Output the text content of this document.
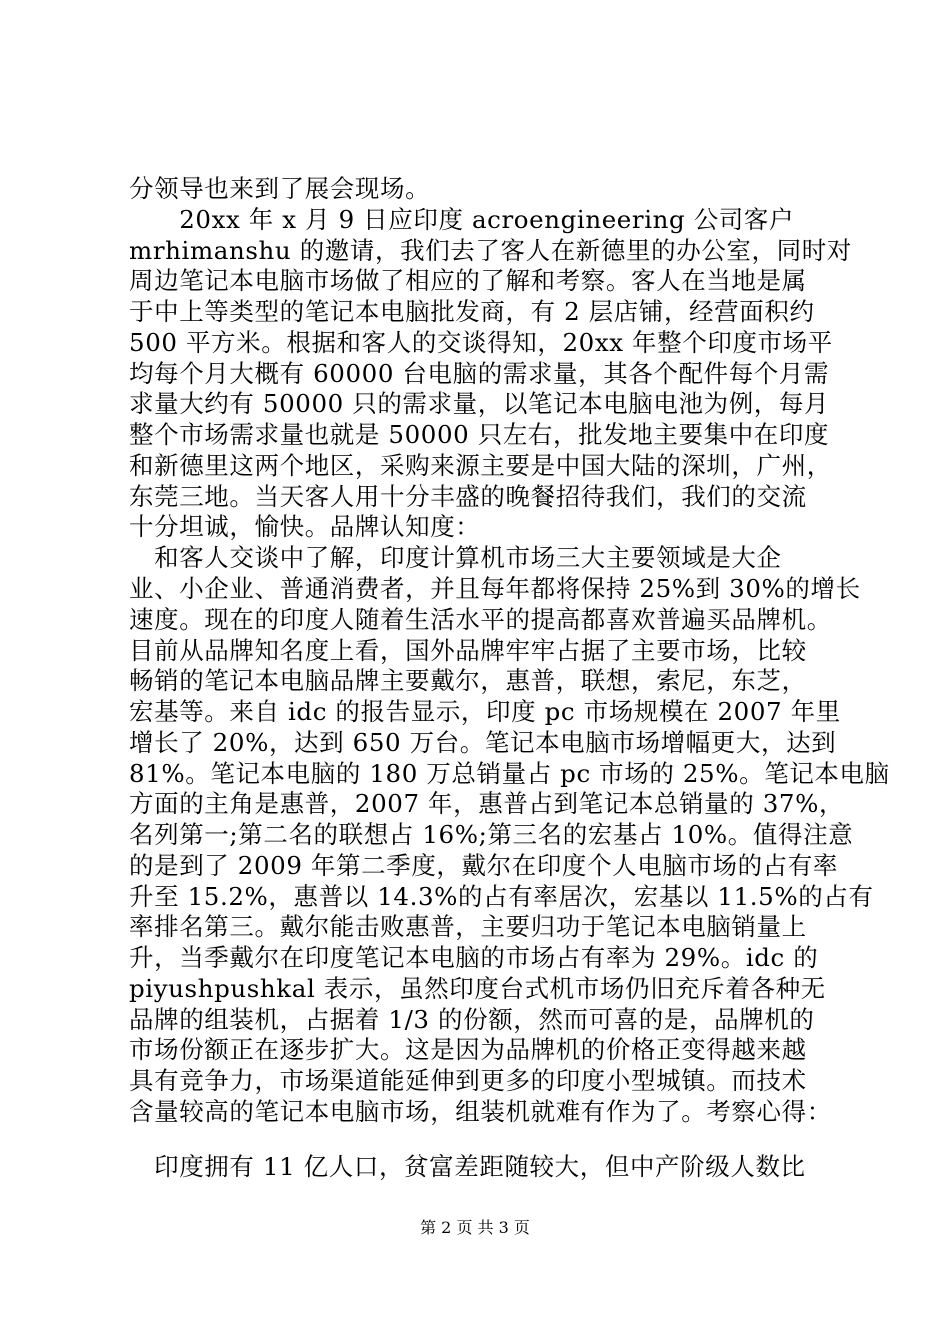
分领导也来到了展会现场。
　　20xx 年 x 月 9 日应印度 acroengineering 公司客户
mrhimanshu 的邀请，我们去了客人在新德里的办公室，同时对
周边笔记本电脑市场做了相应的了解和考察。客人在当地是属
于中上等类型的笔记本电脑批发商，有 2 层店铺，经营面积约
500 平方米。根据和客人的交谈得知，20xx 年整个印度市场平
均每个月大概有 60000 台电脑的需求量，其各个配件每个月需
求量大约有 50000 只的需求量，以笔记本电脑电池为例，每月
整个市场需求量也就是 50000 只左右，批发地主要集中在印度
和新德里这两个地区，采购来源主要是中国大陆的深圳，广州，
东莞三地。当天客人用十分丰盛的晚餐招待我们，我们的交流
十分坦诚，愉快。品牌认知度：
　和客人交谈中了解，印度计算机市场三大主要领域是大企
业、小企业、普通消费者，并且每年都将保持 25%到 30%的增长
速度。现在的印度人随着生活水平的提高都喜欢普遍买品牌机。
目前从品牌知名度上看，国外品牌牢牢占据了主要市场，比较
畅销的笔记本电脑品牌主要戴尔，惠普，联想，索尼，东芝，
宏基等。来自 idc 的报告显示，印度 pc 市场规模在 2007 年里
增长了 20%，达到 650 万台。笔记本电脑市场增幅更大，达到
81%。笔记本电脑的 180 万总销量占 pc 市场的 25%。笔记本电脑
方面的主角是惠普，2007 年，惠普占到笔记本总销量的 37%，
名列第一;第二名的联想占 16%;第三名的宏基占 10%。值得注意
的是到了 2009 年第二季度，戴尔在印度个人电脑市场的占有率
升至 15.2%，惠普以 14.3%的占有率居次，宏基以 11.5%的占有
率排名第三。戴尔能击败惠普，主要归功于笔记本电脑销量上
升，当季戴尔在印度笔记本电脑的市场占有率为 29%。idc 的
piyushpushkal 表示，虽然印度台式机市场仍旧充斥着各种无
品牌的组装机，占据着 1/3 的份额，然而可喜的是，品牌机的
市场份额正在逐步扩大。这是因为品牌机的价格正变得越来越
具有竞争力，市场渠道能延伸到更多的印度小型城镇。而技术
含量较高的笔记本电脑市场，组装机就难有作为了。考察心得：
　印度拥有 11 亿人口，贫富差距随较大，但中产阶级人数比
第 2 页 共 3 页
